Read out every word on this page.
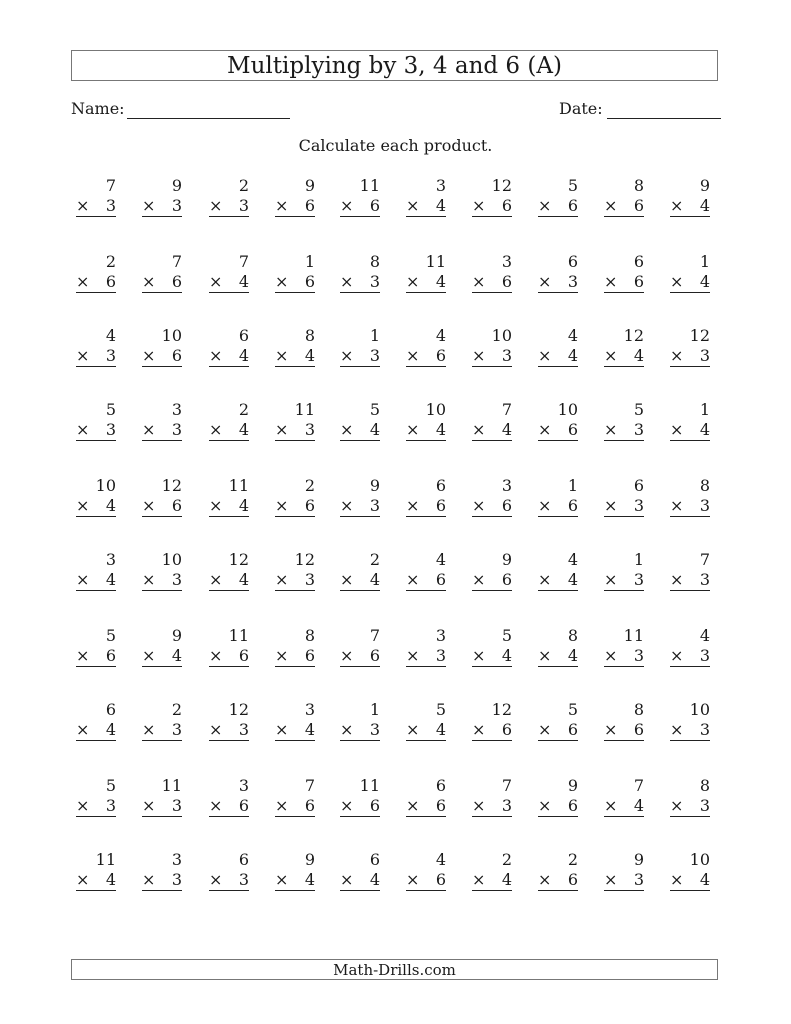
Multiplying by 3, 4 and 6 (A)
Name:	Date:
Calculate each product.
7
× 3
9
× 3
2
× 3
9
× 6
11
× 6
3
× 4
12
× 6
5
× 6
8
× 6
9
× 4
2
× 6
7
× 6
7
× 4
1
× 6
8
× 3
11
× 4
3
× 6
6
× 3
6
× 6
1
× 4
4
× 3
10
× 6
6
× 4
8
× 4
1
× 3
4
× 6
10
× 3
4
× 4
12
× 4
12
× 3
5
× 3
3
× 3
2
× 4
11
× 3
5
× 4
10
× 4
7
× 4
10
× 6
5
× 3
1
× 4
10
× 4
12
× 6
11
× 4
2
× 6
9
× 3
6
× 6
3
× 6
1
× 6
6
× 3
8
× 3
3
× 4
10
× 3
12
× 4
12
× 3
2
× 4
4
× 6
9
× 6
4
× 4
1
× 3
7
× 3
5
× 6
9
× 4
11
× 6
8
× 6
7
× 6
3
× 3
5
× 4
8
× 4
11
× 3
4
× 3
6
× 4
2
× 3
12
× 3
3
× 4
1
× 3
5
× 4
12
× 6
5
× 6
8
× 6
10
× 3
5
× 3
11
× 3
3
× 6
7
× 6
11
× 6
6
× 6
7
× 3
9
× 6
7
× 4
8
× 3
11
× 4
3
× 3
6
× 3
9
× 4
6
× 4
4
× 6
2
× 4
2
× 6
9
× 3
10
× 4
Math-Drills.com
